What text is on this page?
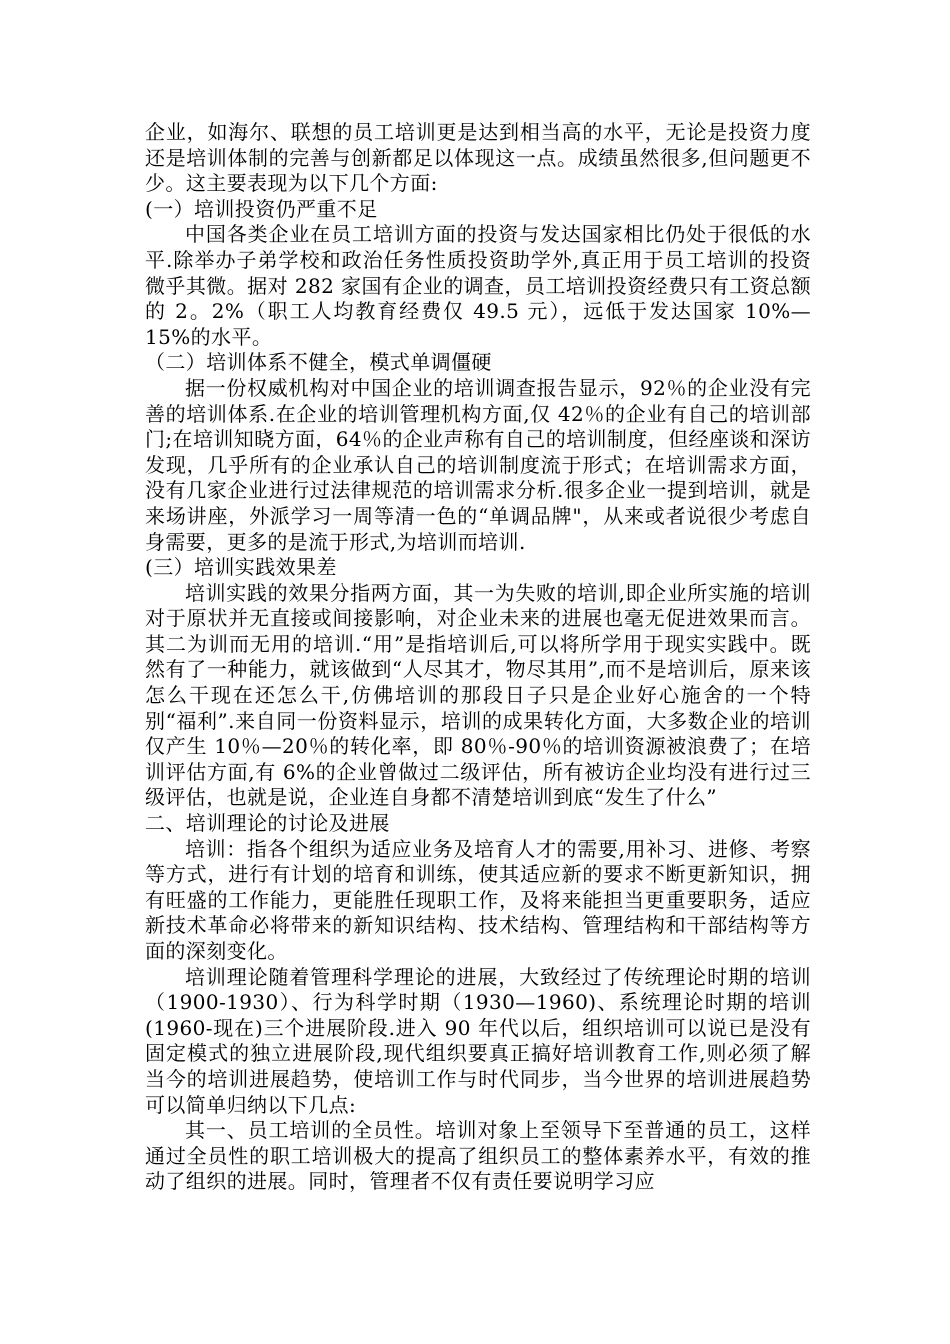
企业，如海尔、联想的员工培训更是达到相当高的水平，无论是投资力度还是培训体制的完善与创新都足以体现这一点。成绩虽然很多,但问题更不少。这主要表现为以下几个方面:

(一）培训投资仍严重不足

中国各类企业在员工培训方面的投资与发达国家相比仍处于很低的水平.除举办子弟学校和政治任务性质投资助学外,真正用于员工培训的投资微乎其微。据对 282 家国有企业的调查，员工培训投资经费只有工资总额的 2。2%（职工人均教育经费仅 49.5 元），远低于发达国家 10%—15%的水平。

（二）培训体系不健全，模式单调僵硬

据一份权威机构对中国企业的培训调查报告显示，92％的企业没有完善的培训体系.在企业的培训管理机构方面,仅 42％的企业有自己的培训部门;在培训知晓方面，64％的企业声称有自己的培训制度，但经座谈和深访发现，几乎所有的企业承认自己的培训制度流于形式；在培训需求方面，没有几家企业进行过法律规范的培训需求分析.很多企业一提到培训，就是来场讲座，外派学习一周等清一色的“单调品牌"，从来或者说很少考虑自身需要，更多的是流于形式,为培训而培训.

(三）培训实践效果差

培训实践的效果分指两方面，其一为失败的培训,即企业所实施的培训对于原状并无直接或间接影响，对企业未来的进展也毫无促进效果而言。其二为训而无用的培训.“用”是指培训后,可以将所学用于现实实践中。既然有了一种能力，就该做到“人尽其才，物尽其用”,而不是培训后，原来该怎么干现在还怎么干,仿佛培训的那段日子只是企业好心施舍的一个特别“福利”.来自同一份资料显示，培训的成果转化方面，大多数企业的培训仅产生 10％—20％的转化率，即 80％-90％的培训资源被浪费了；在培训评估方面,有 6%的企业曾做过二级评估，所有被访企业均没有进行过三级评估，也就是说，企业连自身都不清楚培训到底“发生了什么”

二、培训理论的讨论及进展

培训：指各个组织为适应业务及培育人才的需要,用补习、进修、考察等方式，进行有计划的培育和训练，使其适应新的要求不断更新知识，拥有旺盛的工作能力，更能胜任现职工作，及将来能担当更重要职务，适应新技术革命必将带来的新知识结构、技术结构、管理结构和干部结构等方面的深刻变化。

培训理论随着管理科学理论的进展，大致经过了传统理论时期的培训（1900-1930）、行为科学时期（1930—1960)、系统理论时期的培训(1960-现在)三个进展阶段.进入 90 年代以后，组织培训可以说已是没有固定模式的独立进展阶段,现代组织要真正搞好培训教育工作,则必须了解当今的培训进展趋势，使培训工作与时代同步，当今世界的培训进展趋势可以简单归纳以下几点:

其一、员工培训的全员性。培训对象上至领导下至普通的员工，这样通过全员性的职工培训极大的提高了组织员工的整体素养水平，有效的推动了组织的进展。同时，管理者不仅有责任要说明学习应
